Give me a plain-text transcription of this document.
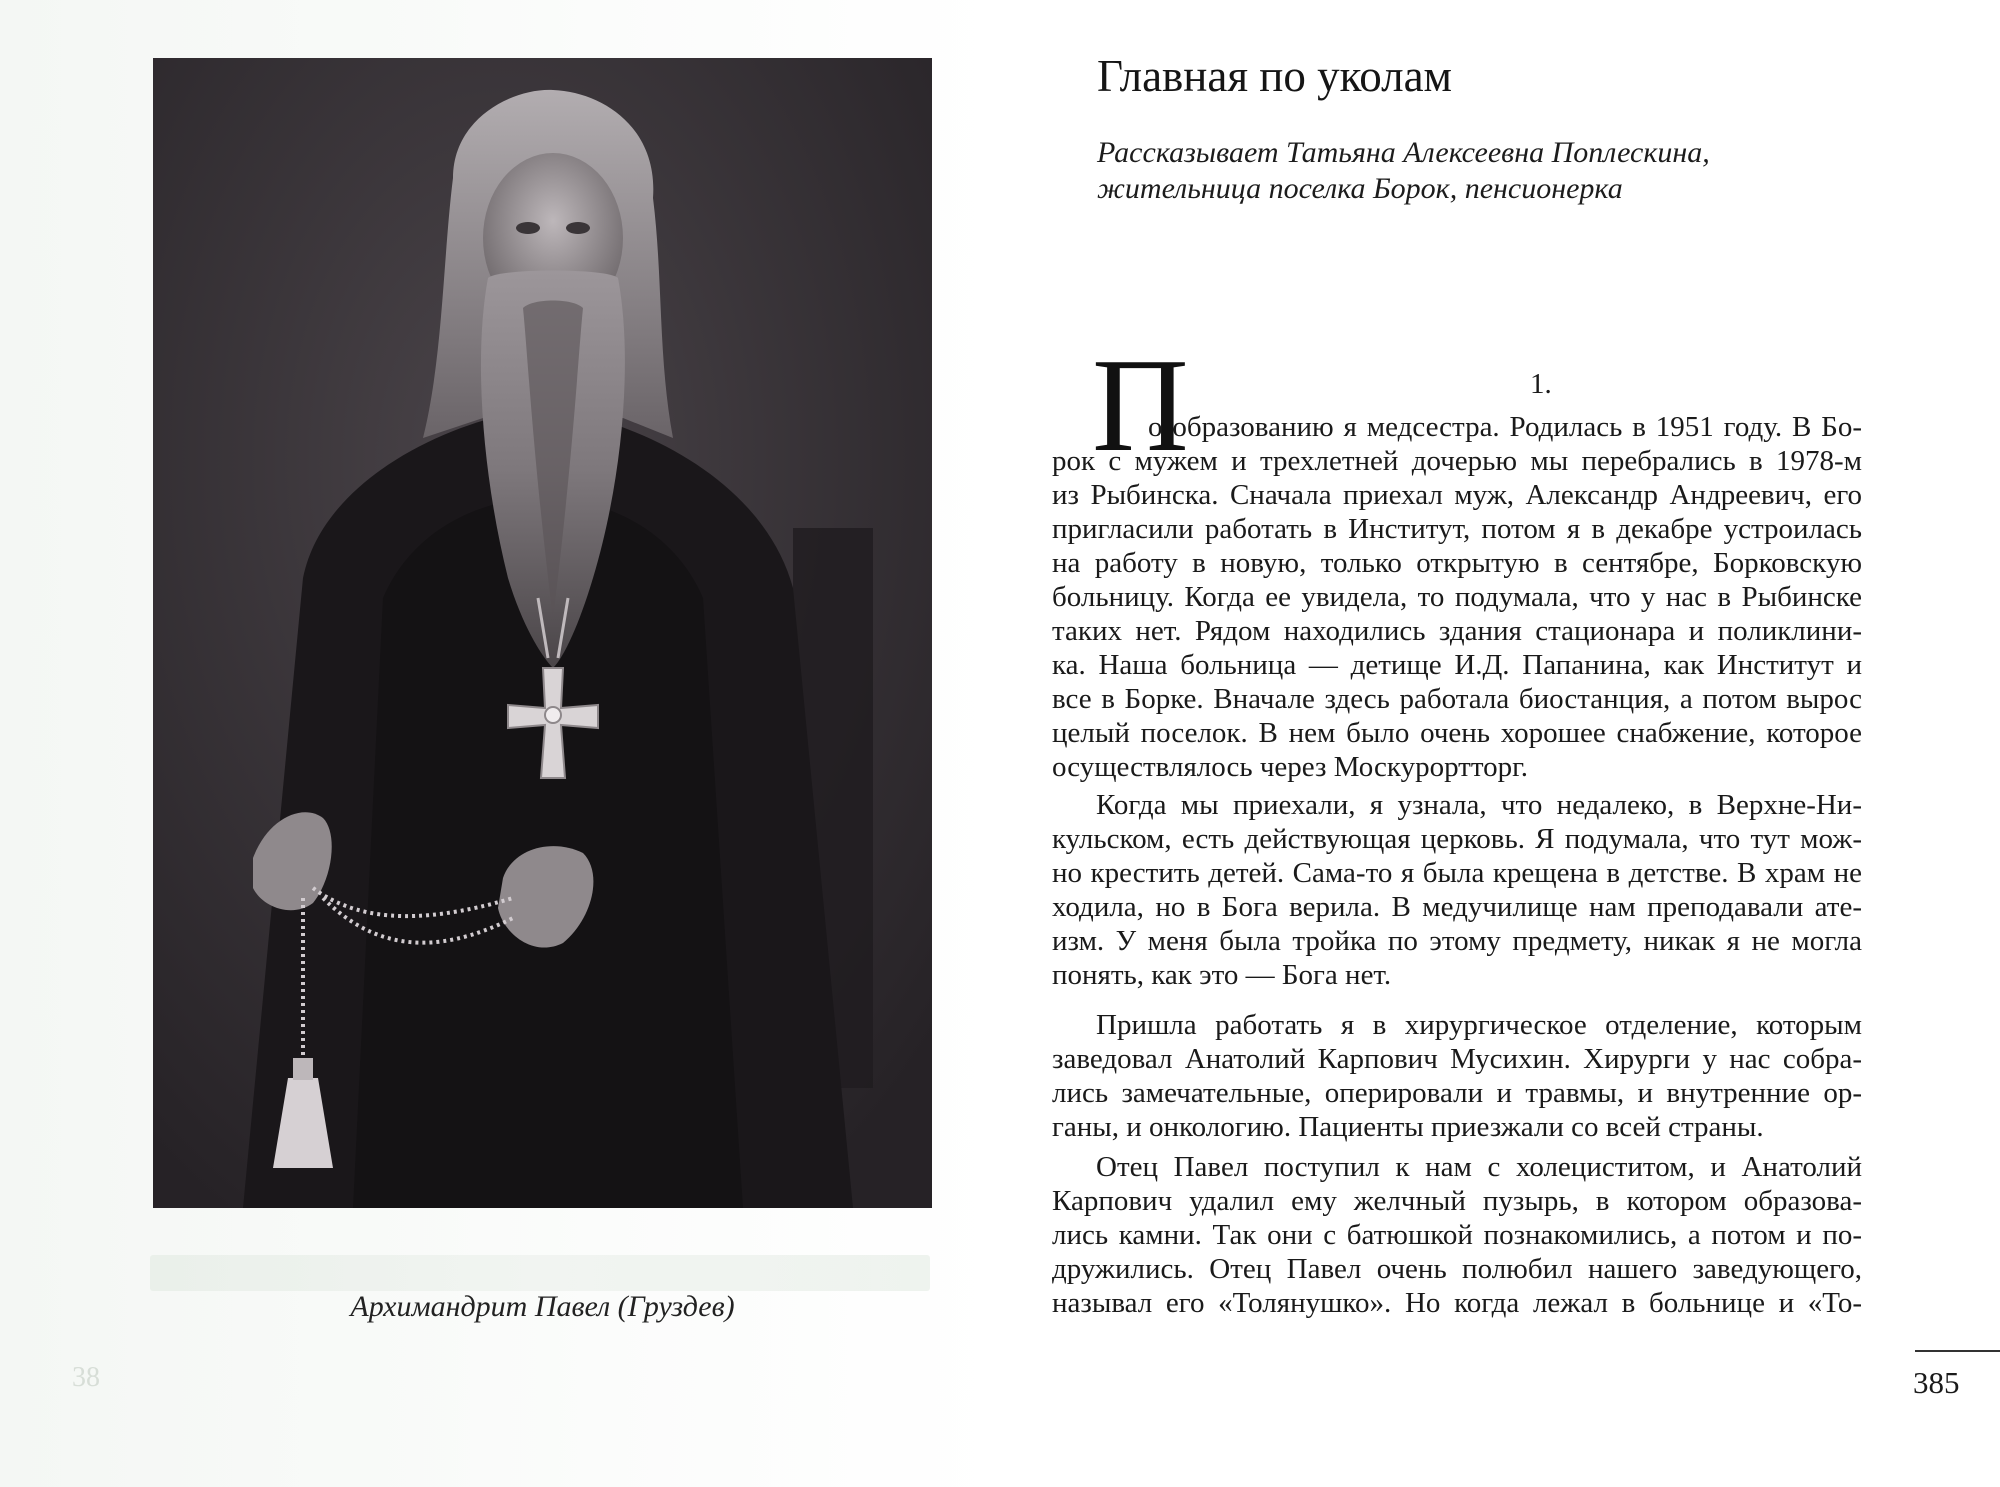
38
Архимандрит Павел (Груздев)
Главная по уколам
Рассказывает Татьяна Алексеевна Поплескина,
жительница поселка Борок, пенсионерка
1.
П
о образованию я медсестра. Родилась в 1951 году. В Бо-
рок с мужем и трехлетней дочерью мы перебрались в 1978-м
из Рыбинска. Сначала приехал муж, Александр Андреевич, его
пригласили работать в Институт, потом я в декабре устроилась
на работу в новую, только открытую в сентябре, Борковскую
больницу. Когда ее увидела, то подумала, что у нас в Рыбинске
таких нет. Рядом находились здания стационара и поликлини-
ка. Наша больница — детище И.Д. Папанина, как Институт и
все в Борке. Вначале здесь работала биостанция, а потом вырос
целый поселок. В нем было очень хорошее снабжение, которое
осуществлялось через Москурортторг.
Когда мы приехали, я узнала, что недалеко, в Верхне-Ни-
кульском, есть действующая церковь. Я подумала, что тут мож-
но крестить детей. Сама-то я была крещена в детстве. В храм не
ходила, но в Бога верила. В медучилище нам преподавали ате-
изм. У меня была тройка по этому предмету, никак я не могла
понять, как это — Бога нет.
Пришла работать я в хирургическое отделение, которым
заведовал Анатолий Карпович Мусихин. Хирурги у нас собра-
лись замечательные, оперировали и травмы, и внутренние ор-
ганы, и онкологию. Пациенты приезжали со всей страны.
Отец Павел поступил к нам с холециститом, и Анатолий
Карпович удалил ему желчный пузырь, в котором образова-
лись камни. Так они с батюшкой познакомились, а потом и по-
дружились. Отец Павел очень полюбил нашего заведующего,
называл его «Толянушко». Но когда лежал в больнице и «То-
385
